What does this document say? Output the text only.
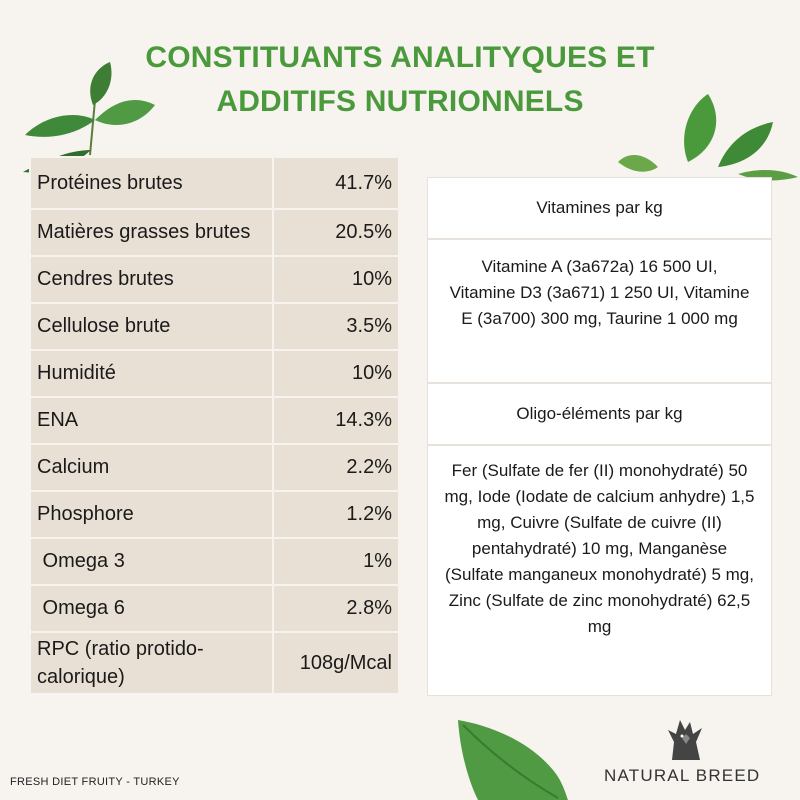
CONSTITUANTS ANALITYQUES ET
ADDITIFS NUTRIONNELS
Protéines brutes	41.7%
Matières grasses brutes	20.5%
Cendres brutes	10%
Cellulose brute	3.5%
Humidité	10%
ENA	14.3%
Calcium	2.2%
Phosphore	1.2%
Omega 3	1%
Omega 6	2.8%
RPC (ratio protido-calorique)	108g/Mcal
Vitamines par kg
Vitamine A (3a672a) 16 500 UI, Vitamine D3 (3a671) 1 250 UI, Vitamine E (3a700) 300 mg, Taurine 1 000 mg
Oligo-éléments par kg
Fer (Sulfate de fer (II) monohydraté) 50 mg, Iode (Iodate de calcium anhydre) 1,5 mg, Cuivre (Sulfate de cuivre (II) pentahydraté) 10 mg, Manganèse (Sulfate manganeux monohydraté) 5 mg, Zinc (Sulfate de zinc monohydraté) 62,5 mg
FRESH DIET FRUITY - TURKEY	NATURAL BREED
